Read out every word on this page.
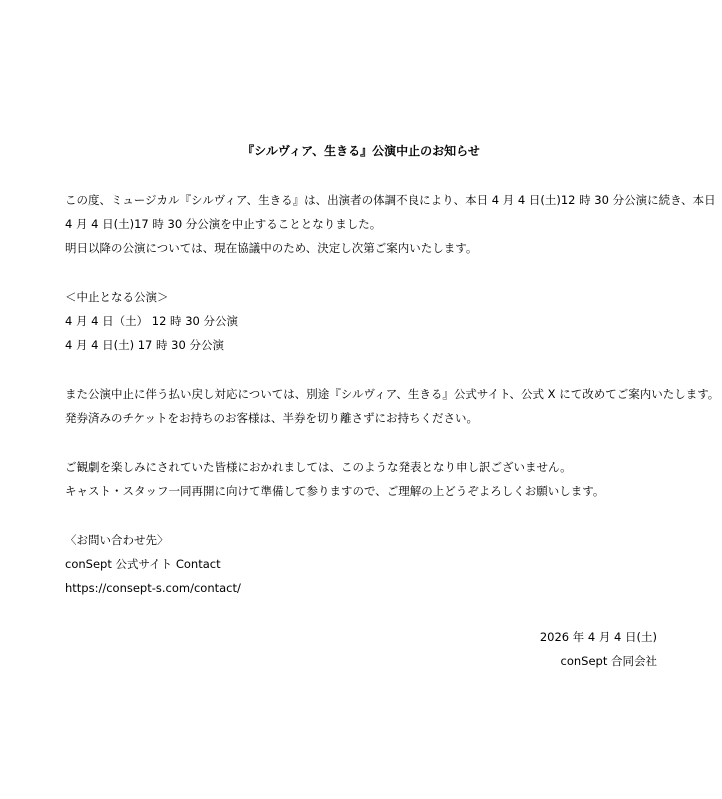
『シルヴィア、生きる』公演中止のお知らせ
この度、ミュージカル『シルヴィア、生きる』は、出演者の体調不良により、本日 4 月 4 日(土)12 時 30 分公演に続き、本日
4 月 4 日(土)17 時 30 分公演を中止することとなりました。
明日以降の公演については、現在協議中のため、決定し次第ご案内いたします。
＜中止となる公演＞
4 月 4 日（土） 12 時 30 分公演
4 月 4 日(土) 17 時 30 分公演
また公演中止に伴う払い戻し対応については、別途『シルヴィア、生きる』公式サイト、公式 X にて改めてご案内いたします。
発券済みのチケットをお持ちのお客様は、半券を切り離さずにお持ちください。
ご観劇を楽しみにされていた皆様におかれましては、このような発表となり申し訳ございません。
キャスト・スタッフ一同再開に向けて準備して参りますので、ご理解の上どうぞよろしくお願いします。
〈お問い合わせ先〉
conSept 公式サイト Contact
https://consept-s.com/contact/
2026 年 4 月 4 日(土)
conSept 合同会社
